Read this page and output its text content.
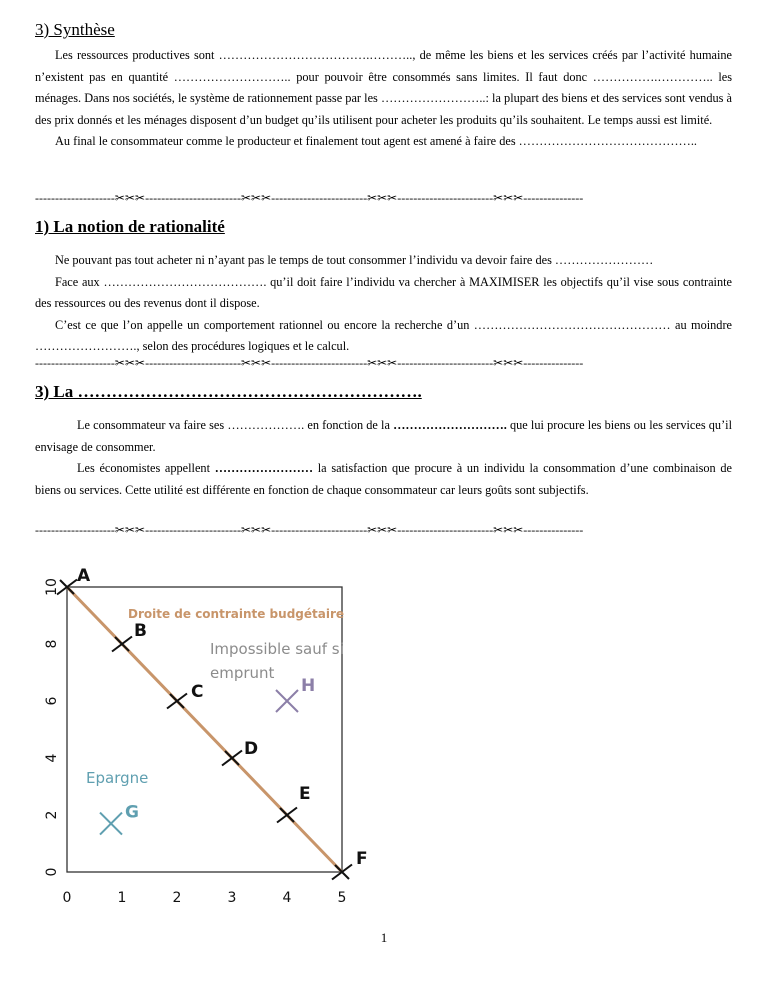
3) Synthèse

Les ressources productives sont ……………………………….……….., de même les biens et les services créés par l’activité humaine n’existent pas en quantité ……………………….. pour pouvoir être consommés sans limites. Il faut donc …………….………….. les ménages. Dans nos sociétés, le système de rationnement passe par les ……………………..: la plupart des biens et des services sont vendus à des prix donnés et les ménages disposent d’un budget qu’ils utilisent pour acheter les produits qu’ils souhaitent. Le temps aussi est limité.

Au final le consommateur comme le producteur et finalement tout agent est amené à faire des ……………………………………..

--------------------✂✂✂------------------------✂✂✂------------------------✂✂✂------------------------✂✂✂---------------
1) La notion de rationalité

Ne pouvant pas tout acheter ni n’ayant pas le temps de tout consommer l’individu va devoir faire des ……………………

Face aux …………………………………. qu’il doit faire l’individu va chercher à MAXIMISER les objectifs qu’il vise sous contrainte des ressources ou des revenus dont il dispose.

C’est ce que l’on appelle un comportement rationnel ou encore la recherche d’un ………………………………………… au moindre ……………………., selon des procédures logiques et le calcul.

--------------------✂✂✂------------------------✂✂✂------------------------✂✂✂------------------------✂✂✂---------------
3) La …………………………………………………….

Le consommateur va faire ses ………………. en fonction de la ………………………. que lui procure les biens ou les services qu’il envisage de consommer.

Les économistes appellent …………………… la satisfaction que procure à un individu la consommation d’une combinaison de biens ou services. Cette utilité est différente en fonction de chaque consommateur car leurs goûts sont subjectifs.

--------------------✂✂✂------------------------✂✂✂------------------------✂✂✂------------------------✂✂✂---------------
0
2
4
6
8
10
0	1	2	3	4	5
Droite de contrainte budgétaire
A
B
C
D
E
F
H
G
Impossible sauf si
emprunt
Epargne
1
